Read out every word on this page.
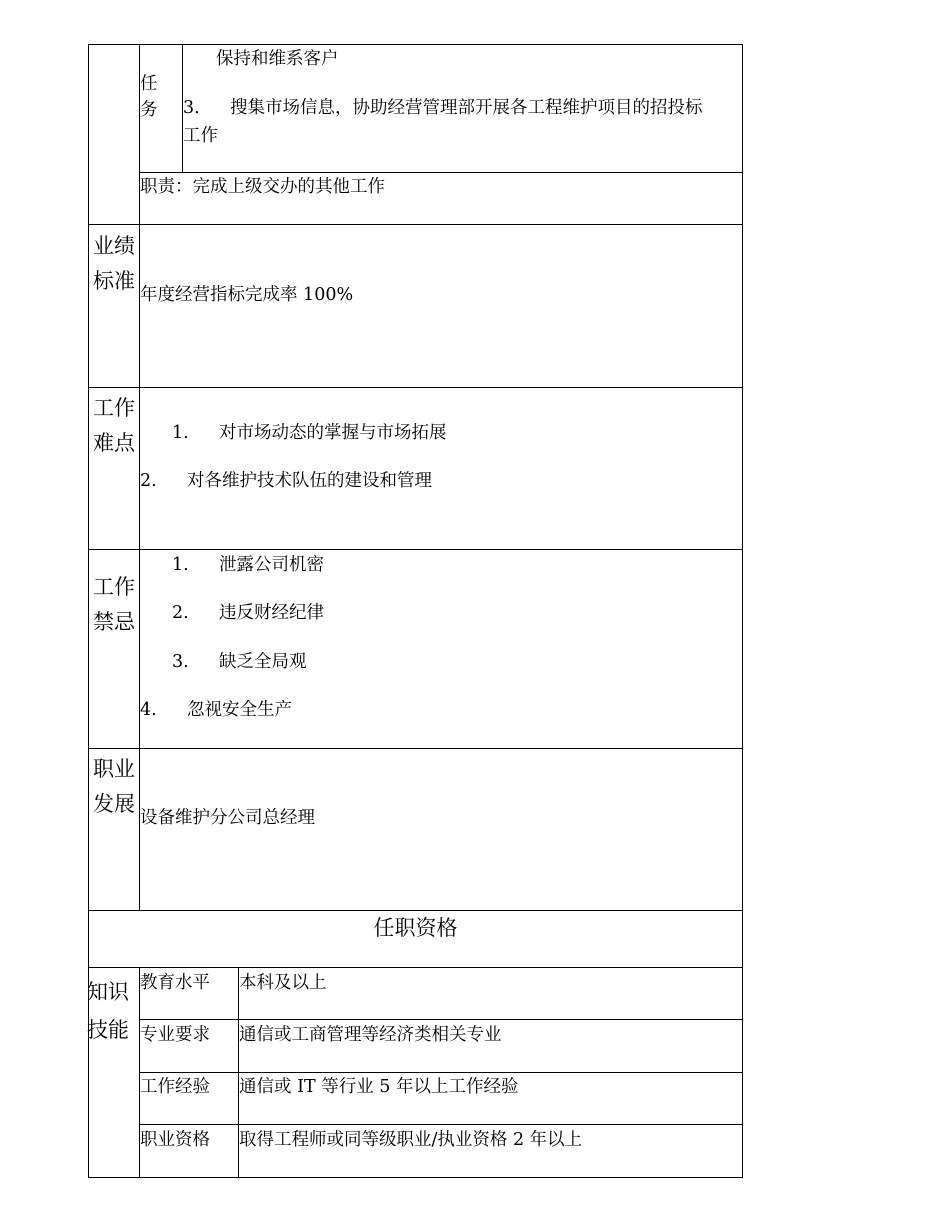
任务
保持和维系客户
3. 搜集市场信息，协助经营管理部开展各工程维护项目的招投标
工作
职责：完成上级交办的其他工作
业绩标准
年度经营指标完成率 100%
工作难点 1. 对市场动态的掌握与市场拓展
2. 对各维护技术队伍的建设和管理
工作禁忌
1. 泄露公司机密
2. 违反财经纪律
3. 缺乏全局观
4. 忽视安全生产
职业发展
设备维护分公司总经理
任职资格
知识技能
教育水平 本科及以上
专业要求 通信或工商管理等经济类相关专业
工作经验 通信或 IT 等行业 5 年以上工作经验
职业资格 取得工程师或同等级职业/执业资格 2 年以上
